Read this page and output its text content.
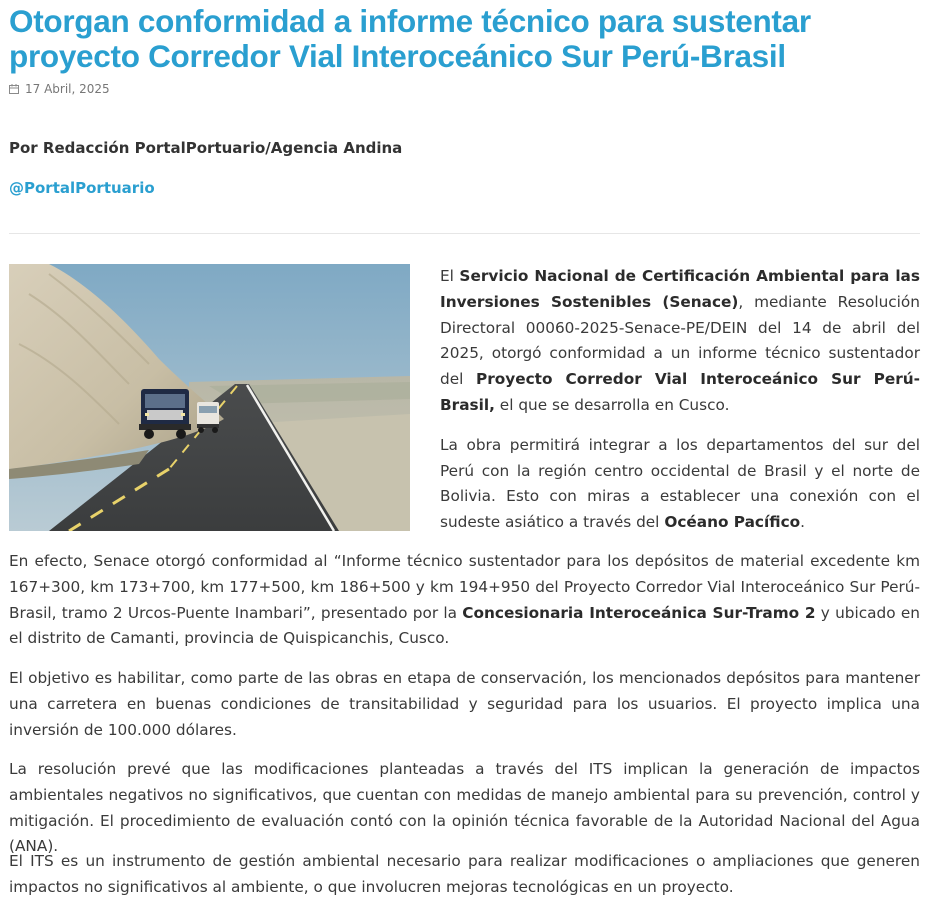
Otorgan conformidad a informe técnico para sustentar proyecto Corredor Vial Interoceánico Sur Perú-Brasil
17 Abril, 2025
Por Redacción PortalPortuario/Agencia Andina
@PortalPortuario

El Servicio Nacional de Certificación Ambiental para las Inversiones Sostenibles (Senace), mediante Resolución Directoral 00060-2025-Senace-PE/DEIN del 14 de abril del 2025, otorgó conformidad a un informe técnico sustentador del Proyecto Corredor Vial Interoceánico Sur Perú-Brasil, el que se desarrolla en Cusco.

La obra permitirá integrar a los departamentos del sur del Perú con la región centro occidental de Brasil y el norte de Bolivia. Esto con miras a establecer una conexión con el sudeste asiático a través del Océano Pacífico.

En efecto, Senace otorgó conformidad al “Informe técnico sustentador para los depósitos de material excedente km 167+300, km 173+700, km 177+500, km 186+500 y km 194+950 del Proyecto Corredor Vial Interoceánico Sur Perú-Brasil, tramo 2 Urcos-Puente Inambari”, presentado por la Concesionaria Interoceánica Sur-Tramo 2 y ubicado en el distrito de Camanti, provincia de Quispicanchis, Cusco.

El objetivo es habilitar, como parte de las obras en etapa de conservación, los mencionados depósitos para mantener una carretera en buenas condiciones de transitabilidad y seguridad para los usuarios. El proyecto implica una inversión de 100.000 dólares.

La resolución prevé que las modificaciones planteadas a través del ITS implican la generación de impactos ambientales negativos no significativos, que cuentan con medidas de manejo ambiental para su prevención, control y mitigación. El procedimiento de evaluación contó con la opinión técnica favorable de la Autoridad Nacional del Agua (ANA).

El ITS es un instrumento de gestión ambiental necesario para realizar modificaciones o ampliaciones que generen impactos no significativos al ambiente, o que involucren mejoras tecnológicas en un proyecto.
